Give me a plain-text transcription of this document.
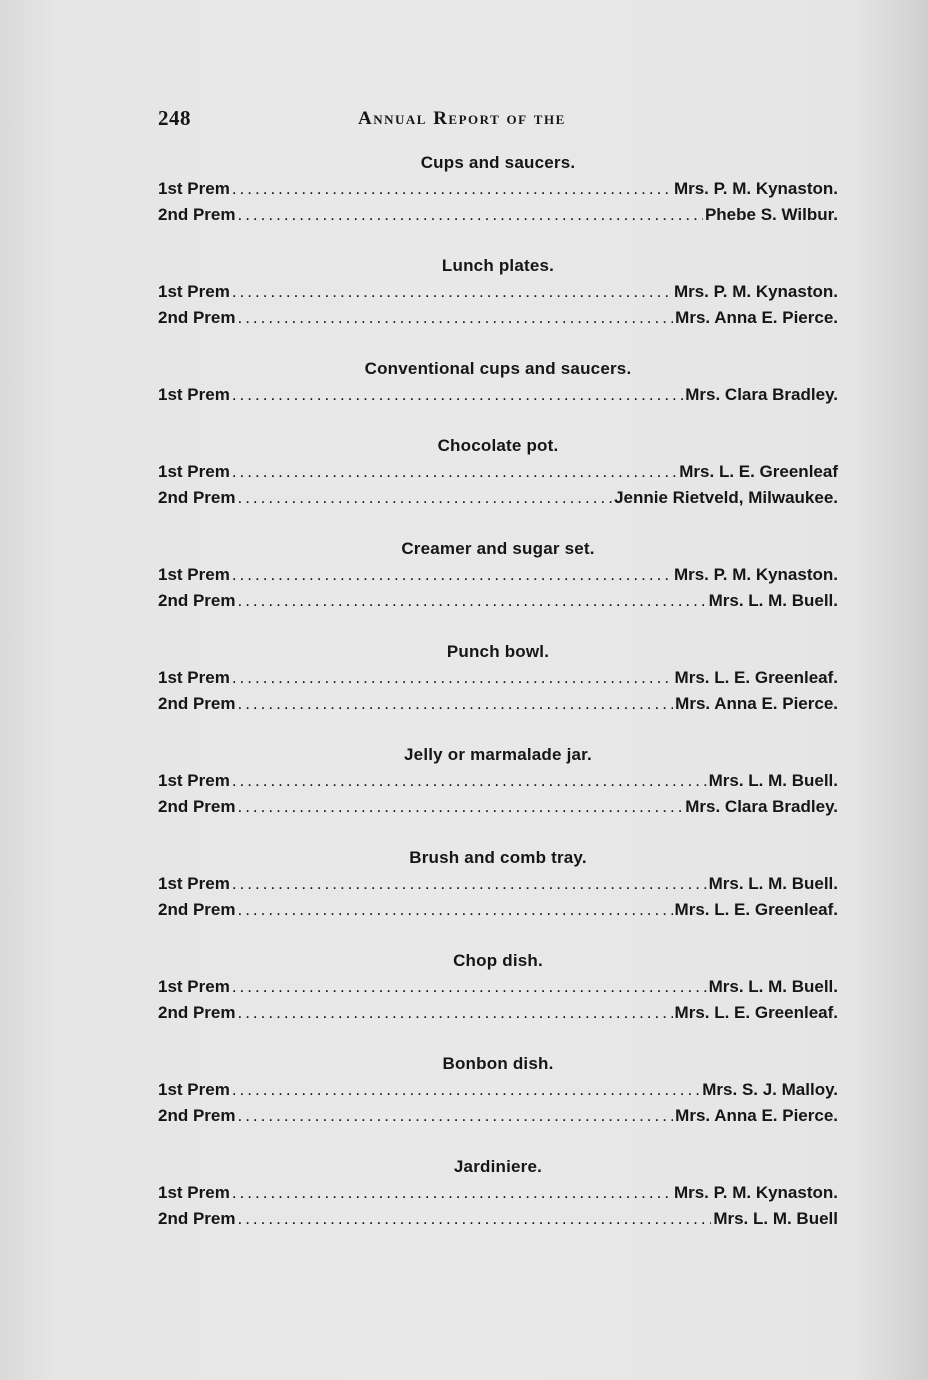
248	Annual Report of the
Cups and saucers.
1st Prem .....	Mrs. P. M. Kynaston.
2nd Prem .....	Phebe S. Wilbur.
Lunch plates.
1st Prem .....	Mrs. P. M. Kynaston.
2nd Prem .....	Mrs. Anna E. Pierce.
Conventional cups and saucers.
1st Prem .....	Mrs. Clara Bradley.
Chocolate pot.
1st Prem .....	Mrs. L. E. Greenleaf
2nd Prem .....	Jennie Rietveld, Milwaukee.
Creamer and sugar set.
1st Prem .....	Mrs. P. M. Kynaston.
2nd Prem .....	Mrs. L. M. Buell.
Punch bowl.
1st Prem .....	Mrs. L. E. Greenleaf.
2nd Prem .....	Mrs. Anna E. Pierce.
Jelly or marmalade jar.
1st Prem .....	Mrs. L. M. Buell.
2nd Prem .....	Mrs. Clara Bradley.
Brush and comb tray.
1st Prem .....	Mrs. L. M. Buell.
2nd Prem .....	Mrs. L. E. Greenleaf.
Chop dish.
1st Prem .....	Mrs. L. M. Buell.
2nd Prem .....	Mrs. L. E. Greenleaf.
Bonbon dish.
1st Prem .....	Mrs. S. J. Malloy.
2nd Prem .....	Mrs. Anna E. Pierce.
Jardiniere.
1st Prem .....	Mrs. P. M. Kynaston.
2nd Prem .....	Mrs. L. M. Buell
